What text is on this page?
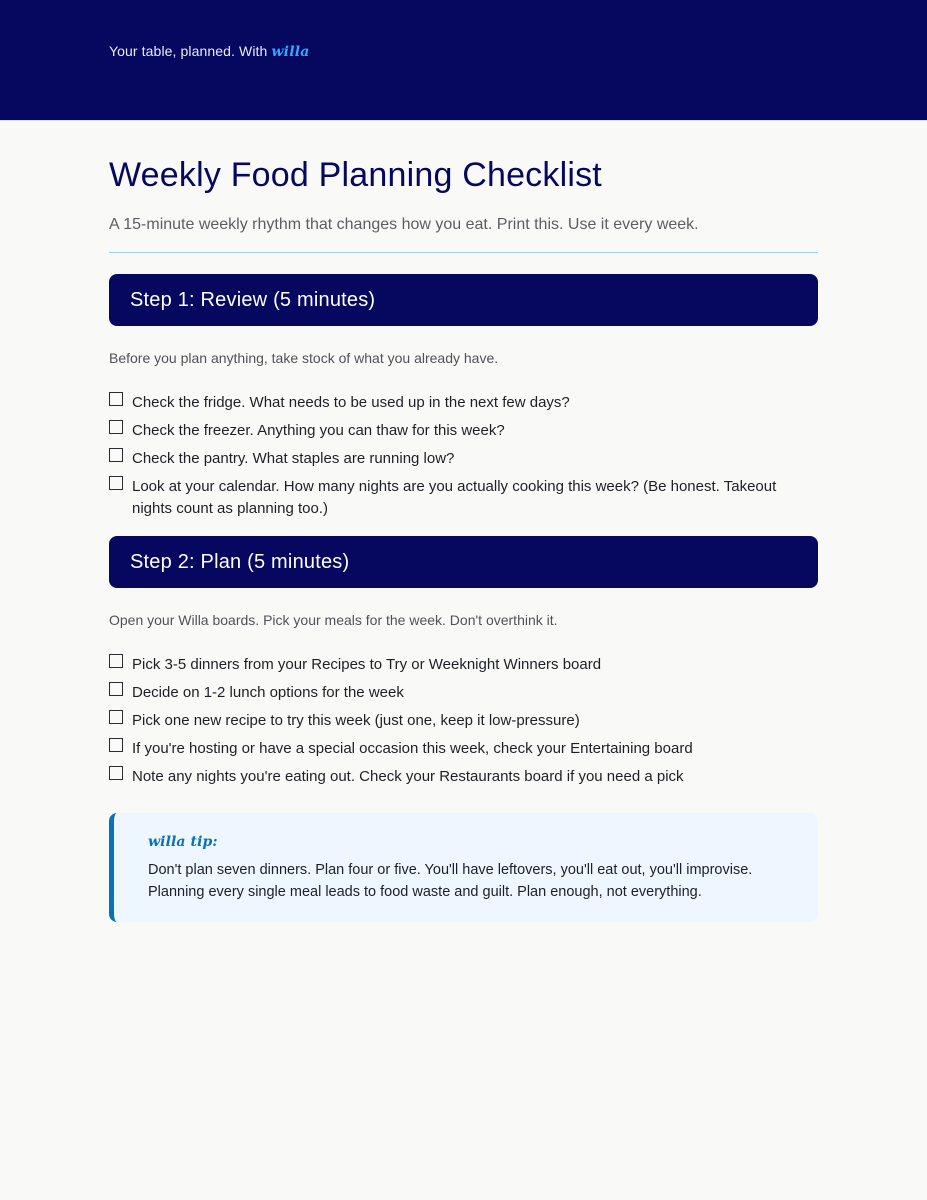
Your table, planned. With willa
Weekly Food Planning Checklist
A 15-minute weekly rhythm that changes how you eat. Print this. Use it every week.
Step 1: Review (5 minutes)
Before you plan anything, take stock of what you already have.
Check the fridge. What needs to be used up in the next few days?
Check the freezer. Anything you can thaw for this week?
Check the pantry. What staples are running low?
Look at your calendar. How many nights are you actually cooking this week? (Be honest. Takeout nights count as planning too.)
Step 2: Plan (5 minutes)
Open your Willa boards. Pick your meals for the week. Don't overthink it.
Pick 3-5 dinners from your Recipes to Try or Weeknight Winners board
Decide on 1-2 lunch options for the week
Pick one new recipe to try this week (just one, keep it low-pressure)
If you're hosting or have a special occasion this week, check your Entertaining board
Note any nights you're eating out. Check your Restaurants board if you need a pick
willa tip:
Don't plan seven dinners. Plan four or five. You'll have leftovers, you'll eat out, you'll improvise. Planning every single meal leads to food waste and guilt. Plan enough, not everything.
